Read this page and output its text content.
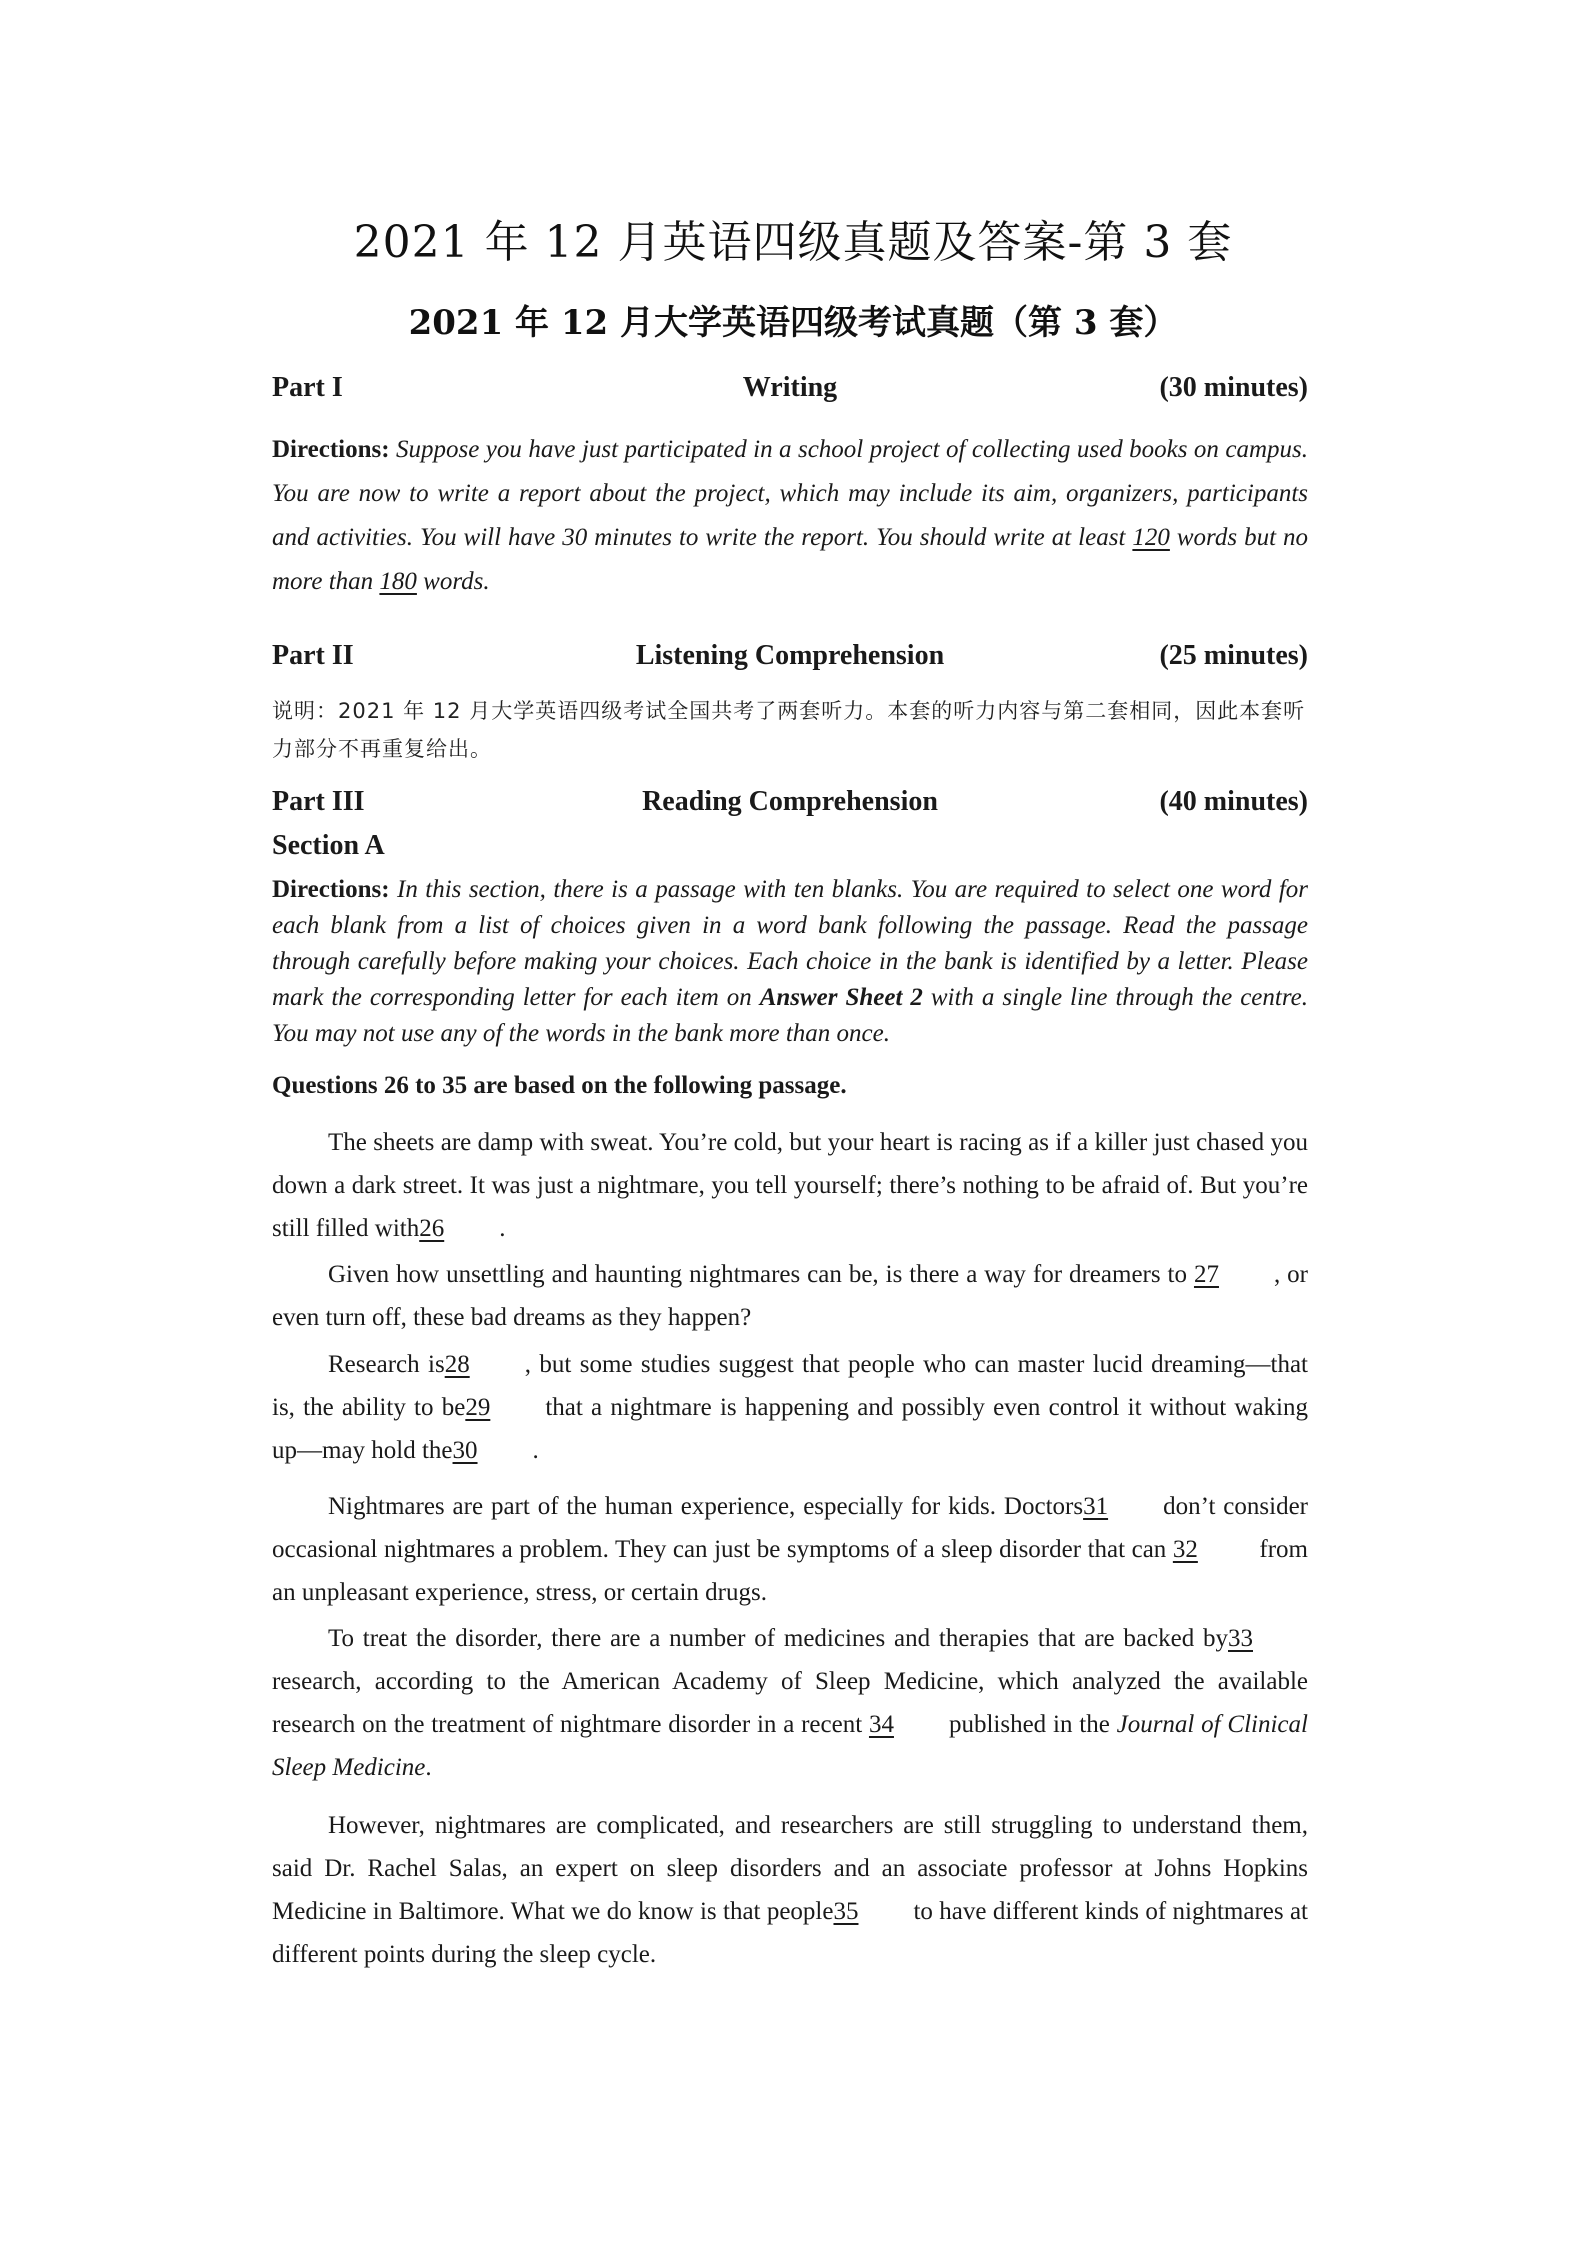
2021 年 12 月英语四级真题及答案-第 3 套
2021 年 12 月大学英语四级考试真题（第 3 套）
Writing
Part I	(30 minutes)
Directions: Suppose you have just participated in a school project of collecting used books on campus. You are now to write a report about the project, which may include its aim, organizers, participants and activities. You will have 30 minutes to write the report. You should write at least 120 words but no more than 180 words.
Listening Comprehension
Part II	(25 minutes)
说明：2021 年 12 月大学英语四级考试全国共考了两套听力。本套的听力内容与第二套相同，因此本套听力部分不再重复给出。
Reading Comprehension
Part III	(40 minutes)
Section A
Directions: In this section, there is a passage with ten blanks. You are required to select one word for each blank from a list of choices given in a word bank following the passage. Read the passage through carefully before making your choices. Each choice in the bank is identified by a letter. Please mark the corresponding letter for each item on Answer Sheet 2 with a single line through the centre. You may not use any of the words in the bank more than once.
Questions 26 to 35 are based on the following passage.

The sheets are damp with sweat. You’re cold, but your heart is racing as if a killer just chased you down a dark street. It was just a nightmare, you tell yourself; there’s nothing to be afraid of. But you’re still filled with26 .

Given how unsettling and haunting nightmares can be, is there a way for dreamers to 27 , or even turn off, these bad dreams as they happen?

Research is28 , but some studies suggest that people who can master lucid dreaming—that is, the ability to be29 that a nightmare is happening and possibly even control it without waking up—may hold the30 .

Nightmares are part of the human experience, especially for kids. Doctors31 don’t consider occasional nightmares a problem. They can just be symptoms of a sleep disorder that can 32 from an unpleasant experience, stress, or certain drugs.

To treat the disorder, there are a number of medicines and therapies that are backed by33research, according to the American Academy of Sleep Medicine, which analyzed the available research on the treatment of nightmare disorder in a recent 34 published in the Journal of Clinical Sleep Medicine.

However, nightmares are complicated, and researchers are still struggling to understand them, said Dr. Rachel Salas, an expert on sleep disorders and an associate professor at Johns Hopkins Medicine in Baltimore. What we do know is that people35 to have different kinds of nightmares at different points during the sleep cycle.
